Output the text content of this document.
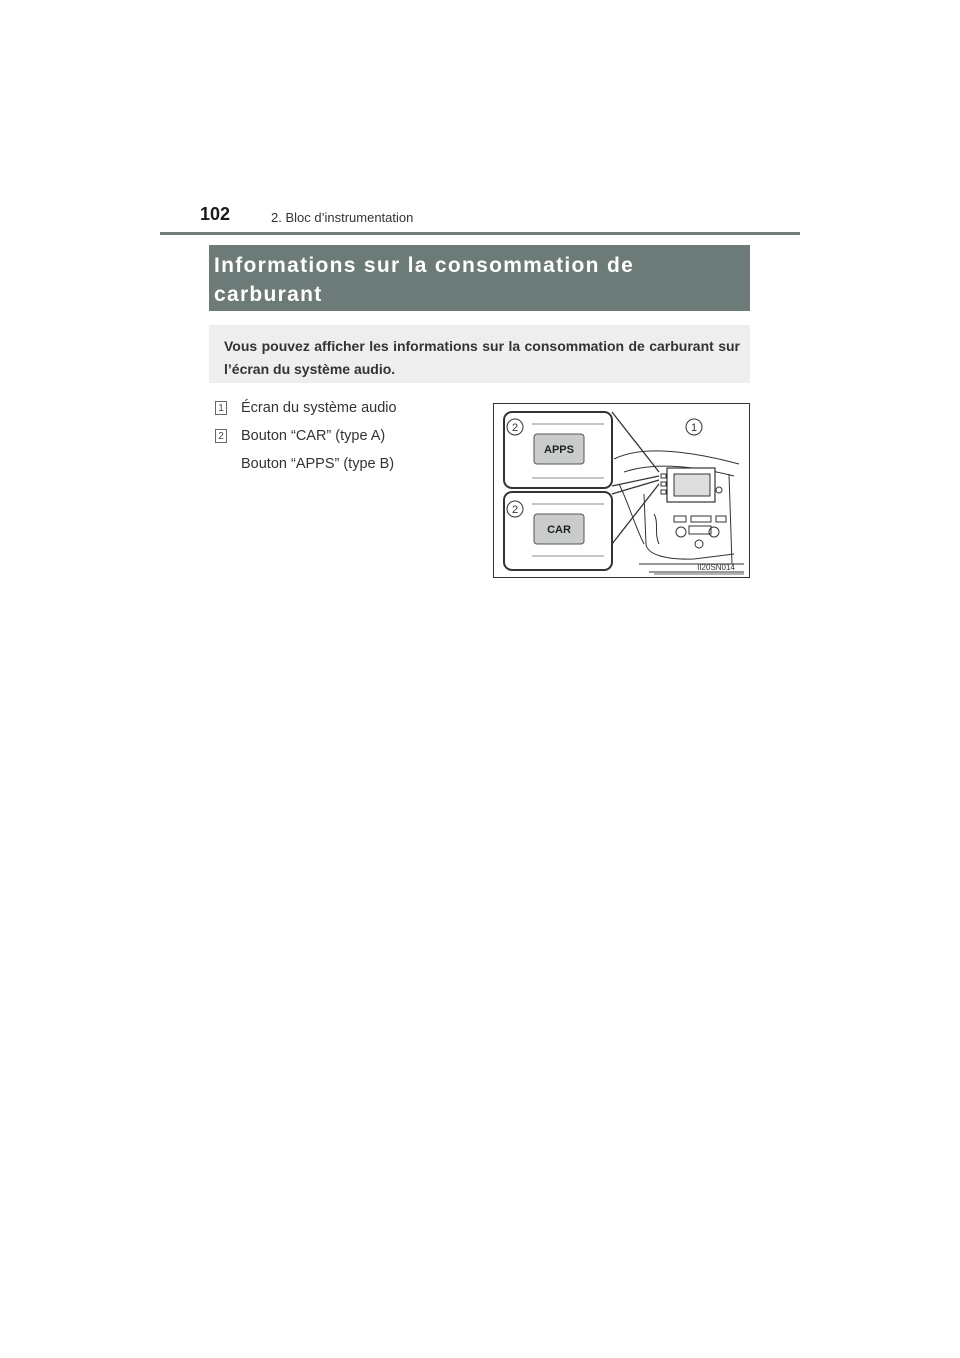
102	2. Bloc d’instrumentation
Informations sur la consommation de
carburant
Vous pouvez afficher les informations sur la consommation de carburant sur l’écran du système audio.
1 Écran du système audio
2 Bouton “CAR” (type A)
Bouton “APPS” (type B)
2
2
1
APPS
CAR
II20SN014
